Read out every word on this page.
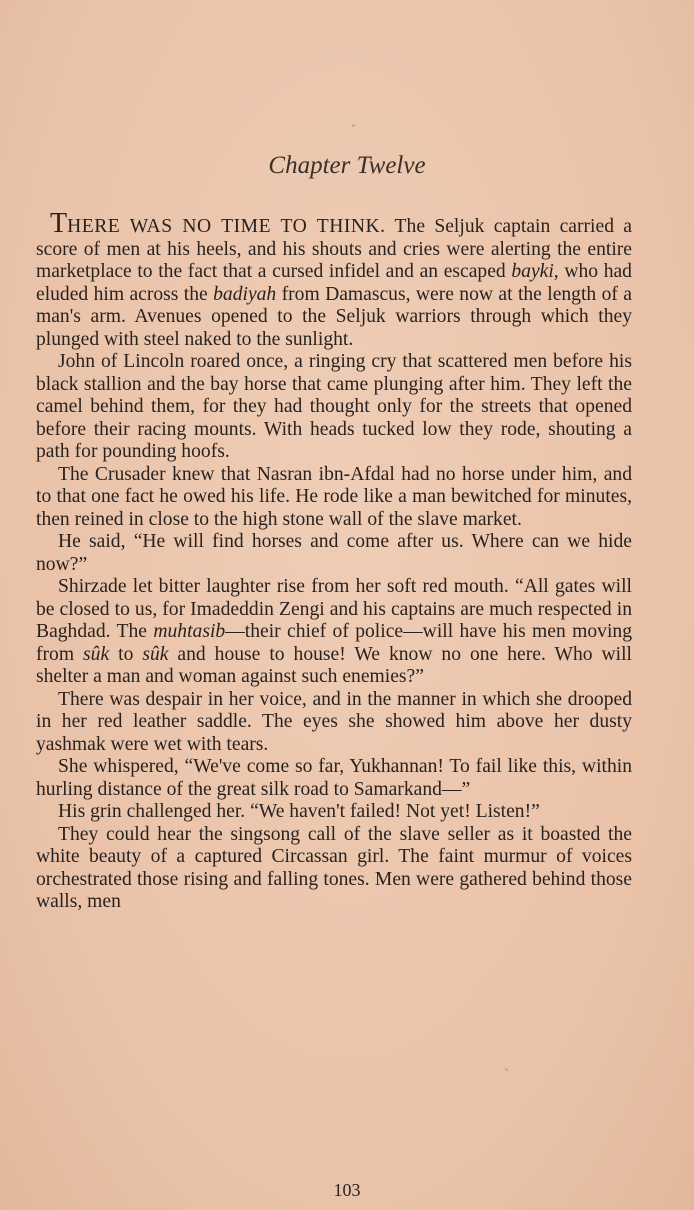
Chapter Twelve

THERE WAS NO TIME TO THINK. The Seljuk captain carried a score of men at his heels, and his shouts and cries were alerting the entire marketplace to the fact that a cursed infidel and an escaped bayki, who had eluded him across the badiyah from Damascus, were now at the length of a man's arm. Avenues opened to the Seljuk warriors through which they plunged with steel naked to the sunlight.

John of Lincoln roared once, a ringing cry that scattered men before his black stallion and the bay horse that came plunging after him. They left the camel behind them, for they had thought only for the streets that opened before their racing mounts. With heads tucked low they rode, shouting a path for pounding hoofs.

The Crusader knew that Nasran ibn-Afdal had no horse under him, and to that one fact he owed his life. He rode like a man bewitched for minutes, then reined in close to the high stone wall of the slave market.

He said, “He will find horses and come after us. Where can we hide now?”

Shirzade let bitter laughter rise from her soft red mouth. “All gates will be closed to us, for Imadeddin Zengi and his captains are much respected in Baghdad. The muhtasib—their chief of police—will have his men moving from sûk to sûk and house to house! We know no one here. Who will shelter a man and woman against such enemies?”

There was despair in her voice, and in the manner in which she drooped in her red leather saddle. The eyes she showed him above her dusty yashmak were wet with tears.

She whispered, “We've come so far, Yukhannan! To fail like this, within hurling distance of the great silk road to Samarkand—”

His grin challenged her. “We haven't failed! Not yet! Listen!”

They could hear the singsong call of the slave seller as it boasted the white beauty of a captured Circassan girl. The faint murmur of voices orchestrated those rising and falling tones. Men were gathered behind those walls, men

103
